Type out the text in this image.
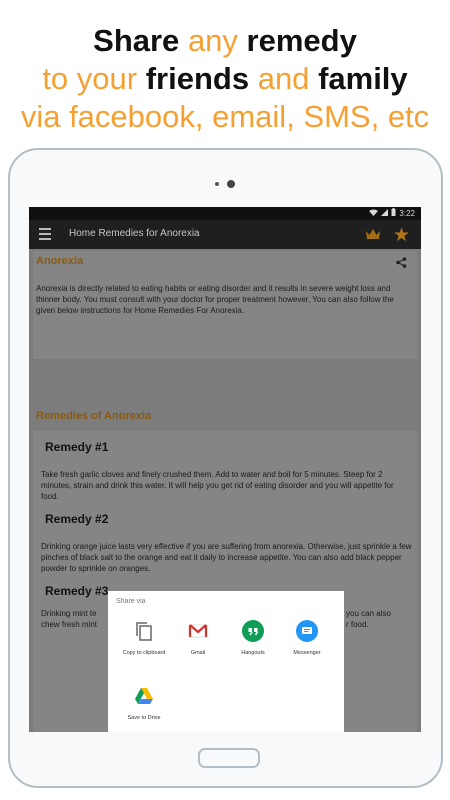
Share any remedy
to your friends and family
via facebook, email, SMS, etc
3:22
Home Remedies for Anorexia	★
Anorexia
Anorexia is directly related to eating habits or eating disorder and it results in severe weight loss and thinner body. You must consult with your doctor for proper treatment however, You can also follow the given below instructions for Home Remedies For Anorexia.
Remedies of Anorexia
Remedy #1
Take fresh garlic cloves and finely crushed them. Add to water and boil for 5 minutes. Steep for 2 minutes, strain and drink this water. It will help you get rid of eating disorder and you will appetite for food.
Remedy #2
Drinking orange juice lasts very effective if you are suffering from anorexia. Otherwise, just sprinkle a few pinches of black salt to the orange and eat it daily to increase appetite. You can also add black pepper powder to sprinkle on oranges.
Remedy #3
Drinking mint te
chew fresh mint
you can also
r food.
Share via
Copy to clipboard	Gmail	Hangouts	Messenger
Save to Drive
